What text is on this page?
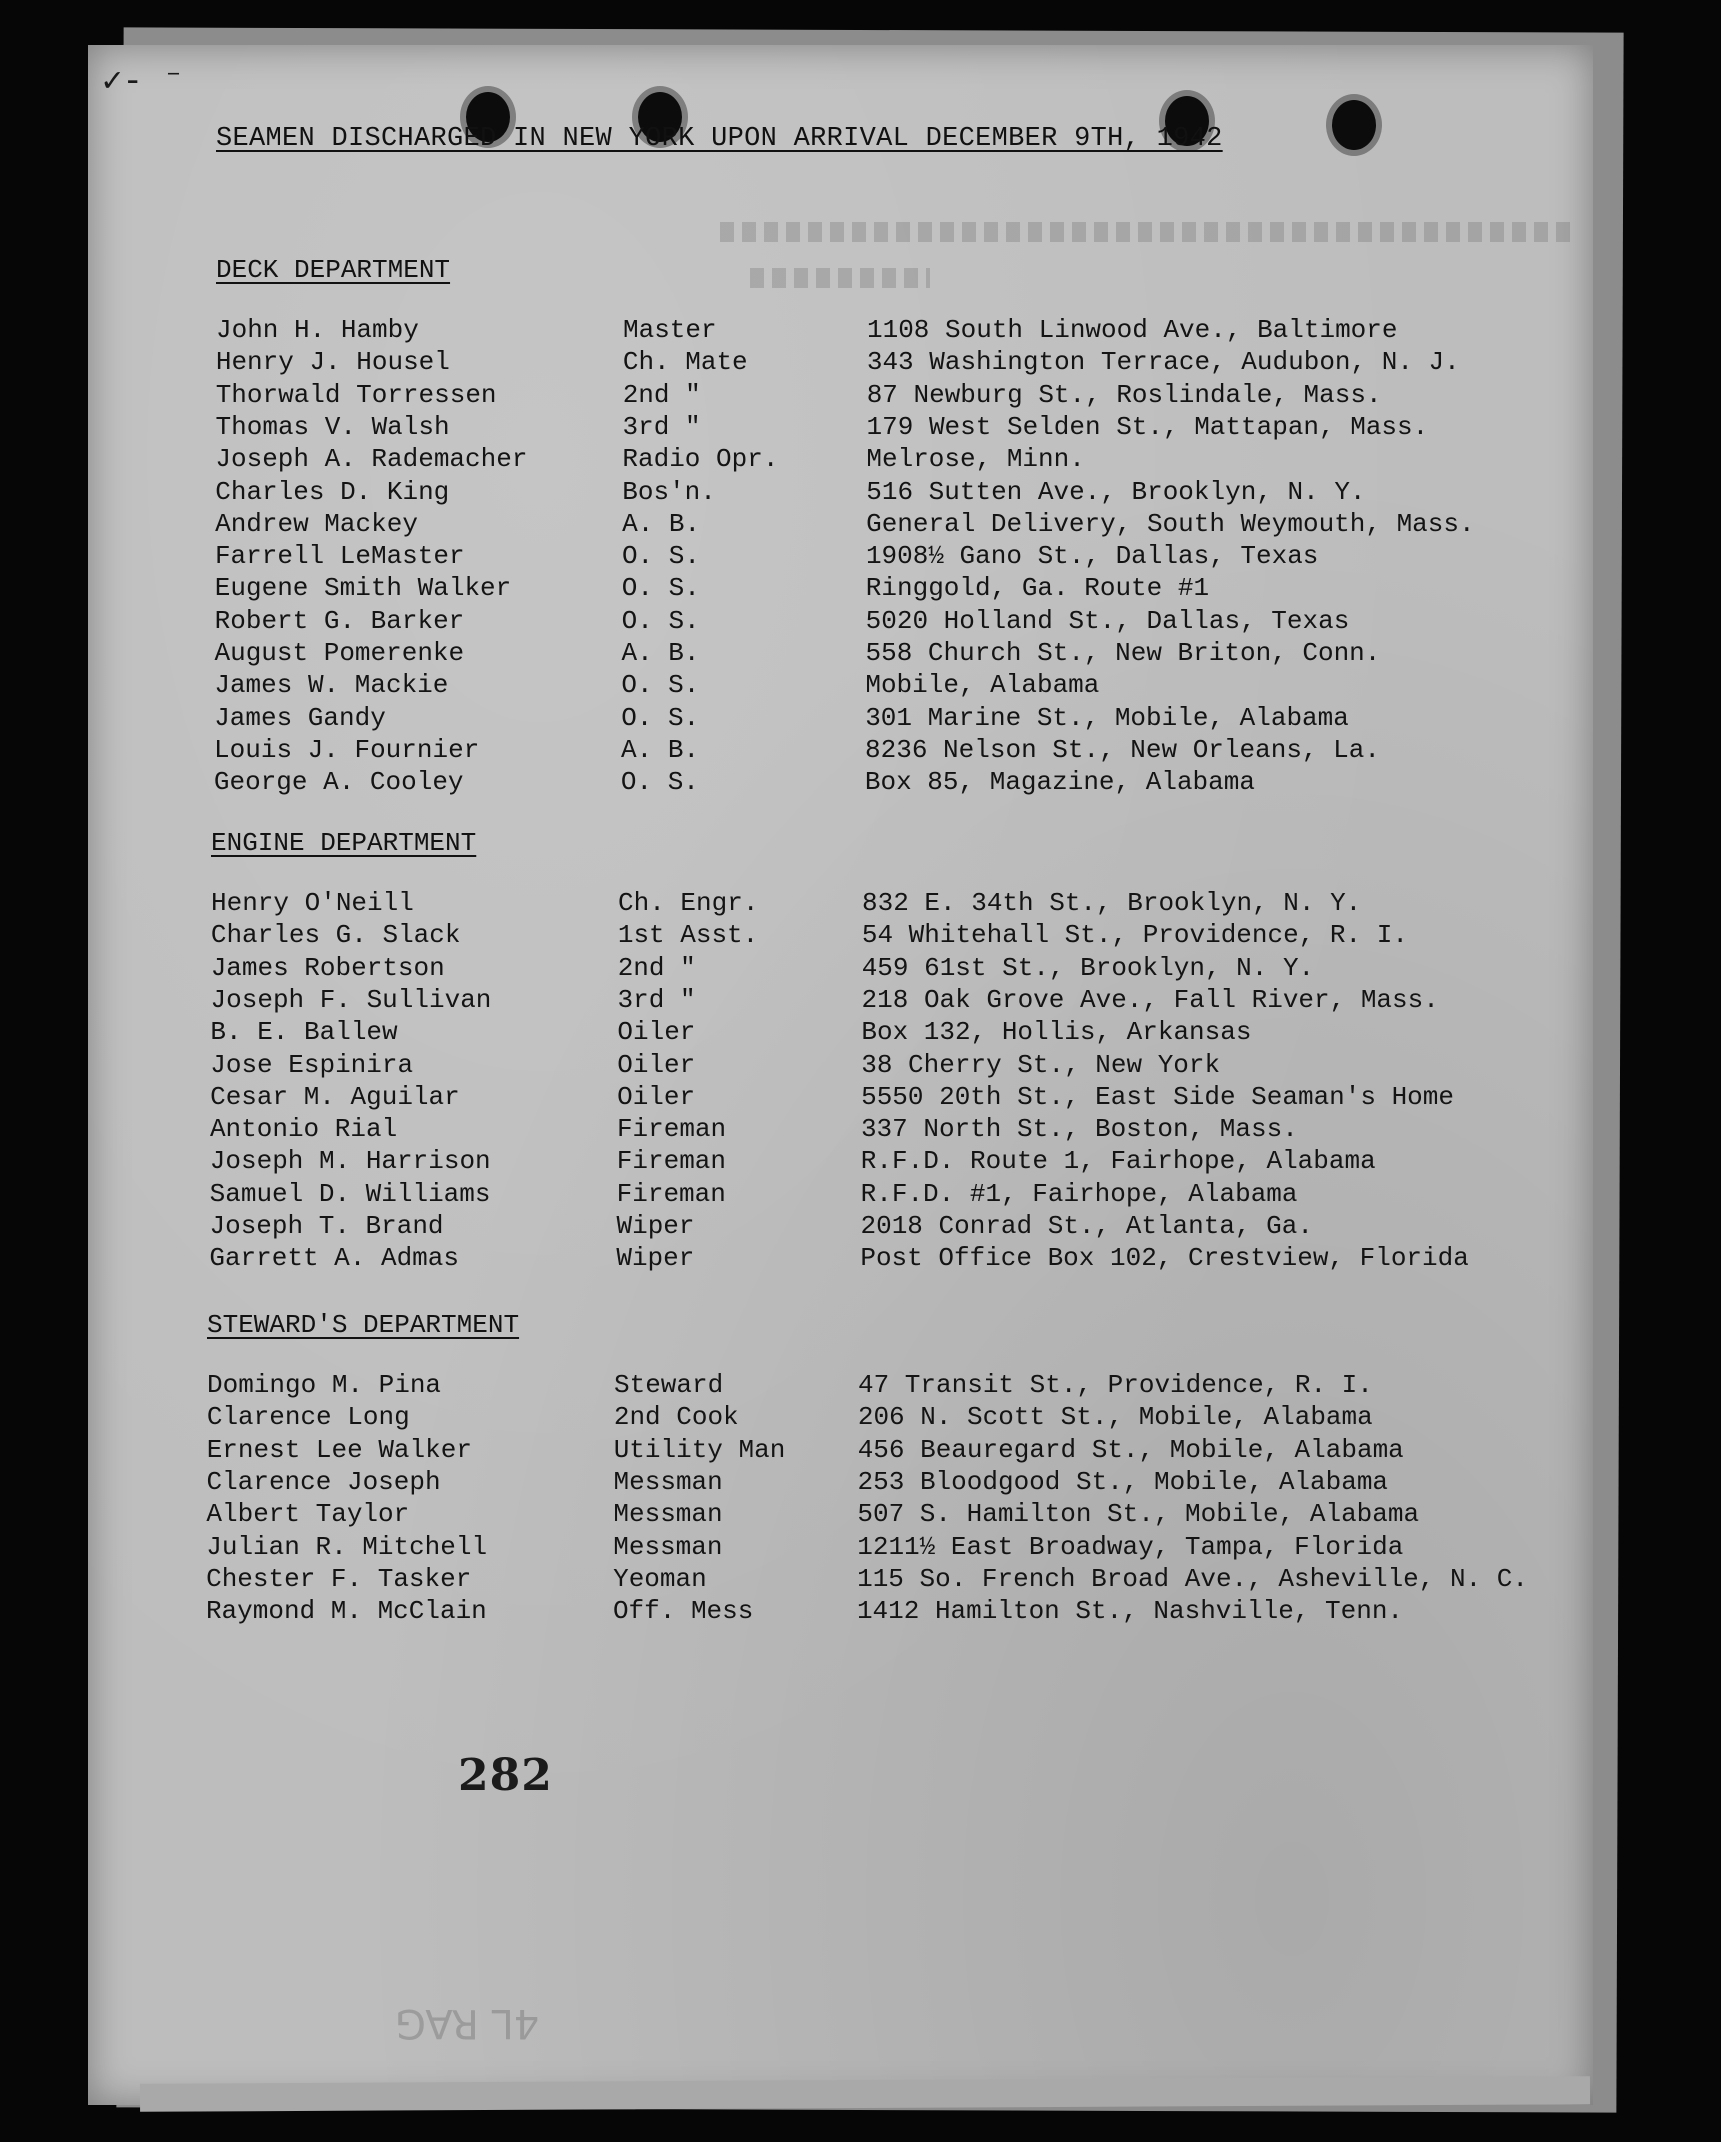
✓‐ ⁻
SEAMEN DISCHARGED IN NEW YORK UPON ARRIVAL DECEMBER 9TH, 1942
DECK DEPARTMENT
John H. Hamby	Master	1108 South Linwood Ave., Baltimore
Henry J. Housel	Ch. Mate	343 Washington Terrace, Audubon, N. J.
Thorwald Torressen	2nd "	87 Newburg St., Roslindale, Mass.
Thomas V. Walsh	3rd "	179 West Selden St., Mattapan, Mass.
Joseph A. Rademacher	Radio Opr.	Melrose, Minn.
Charles D. King	Bos'n.	516 Sutten Ave., Brooklyn, N. Y.
Andrew Mackey	A. B.	General Delivery, South Weymouth, Mass.
Farrell LeMaster	O. S.	1908½ Gano St., Dallas, Texas
Eugene Smith Walker	O. S.	Ringgold, Ga. Route #1
Robert G. Barker	O. S.	5020 Holland St., Dallas, Texas
August Pomerenke	A. B.	558 Church St., New Briton, Conn.
James W. Mackie	O. S.	Mobile, Alabama
James Gandy	O. S.	301 Marine St., Mobile, Alabama
Louis J. Fournier	A. B.	8236 Nelson St., New Orleans, La.
George A. Cooley	O. S.	Box 85, Magazine, Alabama
ENGINE DEPARTMENT
Henry O'Neill	Ch. Engr.	832 E. 34th St., Brooklyn, N. Y.
Charles G. Slack	1st Asst.	54 Whitehall St., Providence, R. I.
James Robertson	2nd "	459 61st St., Brooklyn, N. Y.
Joseph F. Sullivan	3rd "	218 Oak Grove Ave., Fall River, Mass.
B. E. Ballew	Oiler	Box 132, Hollis, Arkansas
Jose Espinira	Oiler	38 Cherry St., New York
Cesar M. Aguilar	Oiler	5550 20th St., East Side Seaman's Home
Antonio Rial	Fireman	337 North St., Boston, Mass.
Joseph M. Harrison	Fireman	R.F.D. Route 1, Fairhope, Alabama
Samuel D. Williams	Fireman	R.F.D. #1, Fairhope, Alabama
Joseph T. Brand	Wiper	2018 Conrad St., Atlanta, Ga.
Garrett A. Admas	Wiper	Post Office Box 102, Crestview, Florida
STEWARD'S DEPARTMENT
Domingo M. Pina	Steward	47 Transit St., Providence, R. I.
Clarence Long	2nd Cook	206 N. Scott St., Mobile, Alabama
Ernest Lee Walker	Utility Man	456 Beauregard St., Mobile, Alabama
Clarence Joseph	Messman	253 Bloodgood St., Mobile, Alabama
Albert Taylor	Messman	507 S. Hamilton St., Mobile, Alabama
Julian R. Mitchell	Messman	1211½ East Broadway, Tampa, Florida
Chester F. Tasker	Yeoman	115 So. French Broad Ave., Asheville, N. C.
Raymond M. McClain	Off. Mess	1412 Hamilton St., Nashville, Tenn.
282
4L RAG
